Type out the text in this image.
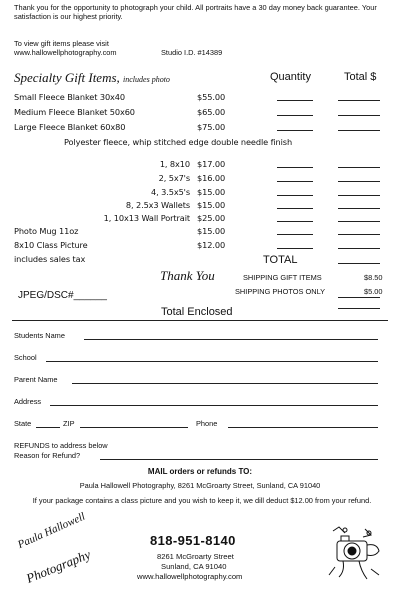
Thank you for the opportunity to photograph your child. All portraits have a 30 day money back guarantee. Your satisfaction is our highest priority.
To view gift items please visit
www.hallowellphotography.com	Studio I.D. #14389
Specialty Gift Items, includes photo	Quantity	Total $
Small Fleece Blanket 30x40	$55.00
Medium Fleece Blanket 50x60	$65.00
Large Fleece Blanket 60x80	$75.00
Polyester fleece, whip stitched edge double needle finish
1, 8x10 $17.00
2, 5x7's $16.00
4, 3.5x5's $15.00
8, 2.5x3 Wallets $15.00
1, 10x13 Wall Portrait $25.00
Photo Mug 11oz	$15.00
8x10 Class Picture	$12.00
includes sales tax	TOTAL
Thank You	SHIPPING GIFT ITEMS	$8.50
SHIPPING PHOTOS ONLY	$5.00
JPEG/DSC#______
Total Enclosed
Students Name
School
Parent Name
Address
State	ZIP	Phone
REFUNDS to address below
Reason for Refund?
MAIL orders or refunds TO:
Paula Hallowell Photography, 8261 McGroarty Street, Sunland, CA 91040
If your package contains a class picture and you wish to keep it, we dill deduct $12.00 from your refund.
Paula Hallowell
Photography
818-951-8140
8261 McGroarty Street
Sunland, CA 91040
www.hallowellphotography.com
